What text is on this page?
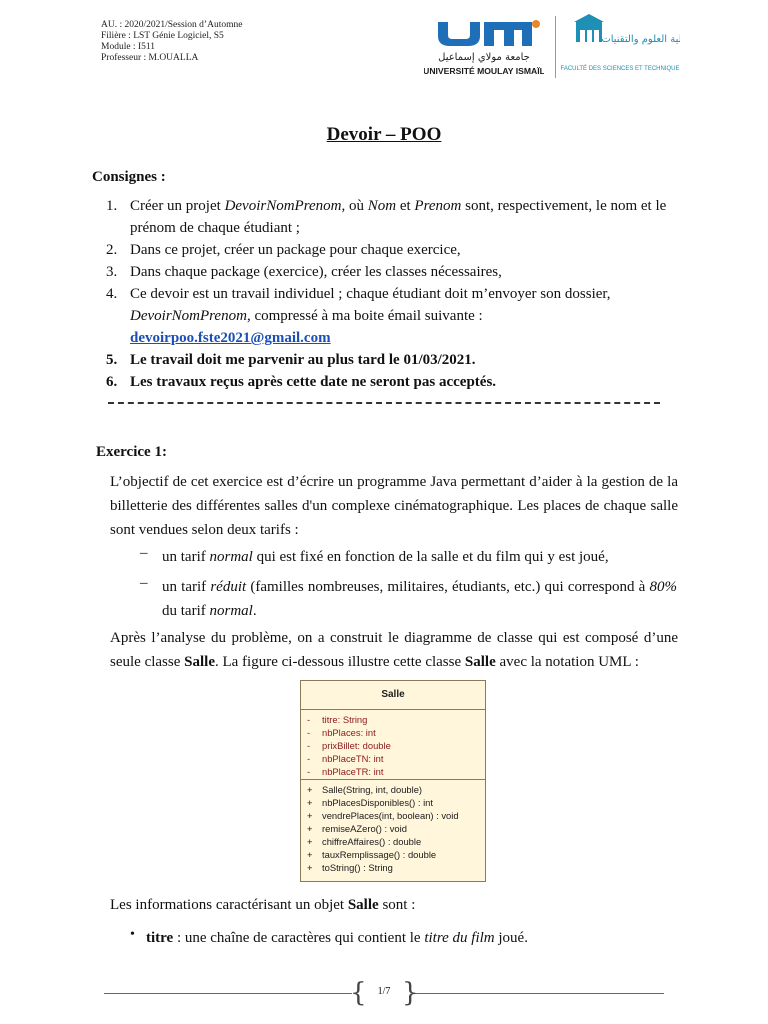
AU. : 2020/2021/Session d’Automne
Filière : LST Génie Logiciel, S5
Module : I511
Professeur : M.OUALLA	جامعة مولاي إسماعيل
UNIVERSITÉ MOULAY ISMAÏL
كلية العلوم والتقنيات
FACULTÉ DES SCIENCES ET TECHNIQUES
Devoir – POO
Consignes :
1. Créer un projet DevoirNomPrenom, où Nom et Prenom sont, respectivement, le nom et le prénom de chaque étudiant ;
2. Dans ce projet, créer un package pour chaque exercice,
3. Dans chaque package (exercice), créer les classes nécessaires,
4. Ce devoir est un travail individuel ; chaque étudiant doit m’envoyer son dossier, DevoirNomPrenom, compressé à ma boite émail suivante :
devoirpoo.fste2021@gmail.com
5. Le travail doit me parvenir au plus tard le 01/03/2021.
6. Les travaux reçus après cette date ne seront pas acceptés.
Exercice 1:
L’objectif de cet exercice est d’écrire un programme Java permettant d’aider à la gestion de la billetterie des différentes salles d'un complexe cinématographique. Les places de chaque salle sont vendues selon deux tarifs :
– un tarif normal qui est fixé en fonction de la salle et du film qui y est joué,
– un tarif réduit (familles nombreuses, militaires, étudiants, etc.) qui correspond à 80% du tarif normal.
Après l’analyse du problème, on a construit le diagramme de classe qui est composé d’une seule classe Salle. La figure ci-dessous illustre cette classe Salle avec la notation UML :
Salle
- titre: String
- nbPlaces: int
- prixBillet: double
- nbPlaceTN: int
- nbPlaceTR: int
+ Salle(String, int, double)
+ nbPlacesDisponibles() : int
+ vendrePlaces(int, boolean) : void
+ remiseAZero() : void
+ chiffreAffaires() : double
+ tauxRemplissage() : double
+ toString() : String
Les informations caractérisant un objet Salle sont :
• titre : une chaîne de caractères qui contient le titre du film joué.
{ }
1/7
